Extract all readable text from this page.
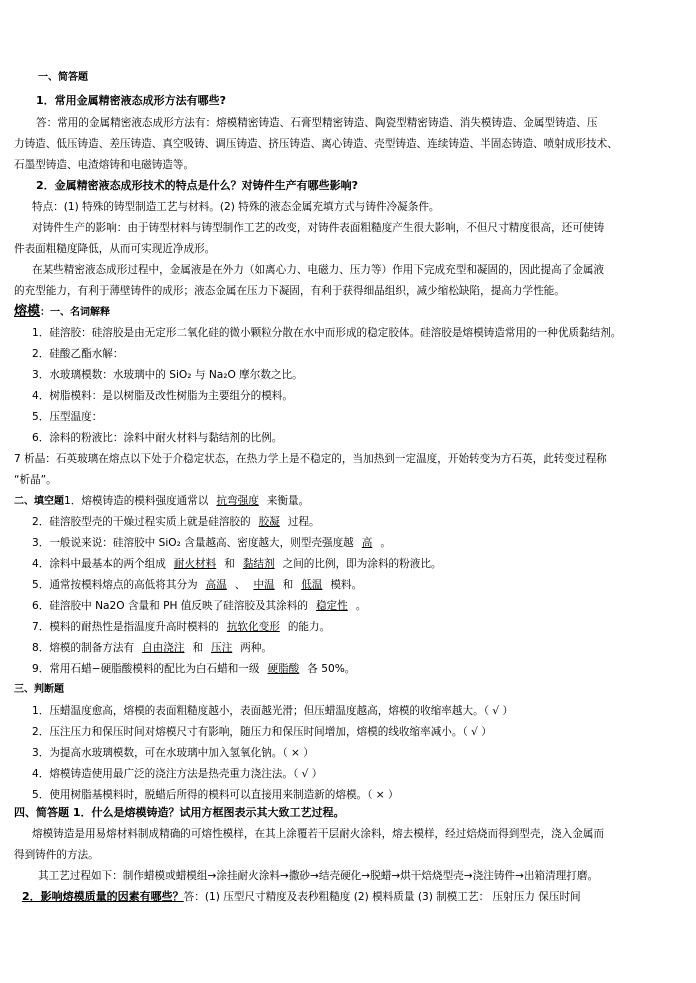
一、简答题
1．常用金属精密液态成形方法有哪些?
答：常用的金属精密液态成形方法有：熔模精密铸造、石膏型精密铸造、陶瓷型精密铸造、消失模铸造、金属型铸造、压
力铸造、低压铸造、差压铸造、真空吸铸、调压铸造、挤压铸造、离心铸造、壳型铸造、连续铸造、半固态铸造、喷射成形技术、
石墨型铸造、电渣熔铸和电磁铸造等。
2．金属精密液态成形技术的特点是什么？对铸件生产有哪些影响?
特点：(1) 特殊的铸型制造工艺与材料。(2) 特殊的液态金属充填方式与铸件冷凝条件。
对铸件生产的影响：由于铸型材料与铸型制作工艺的改变，对铸件表面粗糙度产生很大影响，不但尺寸精度很高，还可使铸
件表面粗糙度降低，从而可实现近净成形。
在某些精密液态成形过程中，金属液是在外力（如离心力、电磁力、压力等）作用下完成充型和凝固的，因此提高了金属液
的充型能力，有利于薄壁铸件的成形；液态金属在压力下凝固，有利于获得细晶组织，减少缩松缺陷，提高力学性能。
熔模：一、名词解释
1．硅溶胶：硅溶胶是由无定形二氧化硅的微小颗粒分散在水中而形成的稳定胶体。硅溶胶是熔模铸造常用的一种优质黏结剂。
2．硅酸乙酯水解：
3．水玻璃模数：水玻璃中的 SiO₂ 与 Na₂O 摩尔数之比。
4．树脂模料：是以树脂及改性树脂为主要组分的模料。
5．压型温度：
6．涂料的粉液比：涂料中耐火材料与黏结剂的比例。
7 析晶：石英玻璃在熔点以下处于介稳定状态，在热力学上是不稳定的，当加热到一定温度，开始转变为方石英，此转变过程称
“析晶”。
二、填空题1．熔模铸造的模料强度通常以 抗弯强度 来衡量。
2．硅溶胶型壳的干燥过程实质上就是硅溶胶的 胶凝 过程。
3．一般说来说：硅溶胶中 SiO₂ 含量越高、密度越大，则型壳强度越 高 。
4．涂料中最基本的两个组成 耐火材料 和 黏结剂 之间的比例，即为涂料的粉液比。
5．通常按模料熔点的高低将其分为 高温 、 中温 和 低温 模料。
6．硅溶胶中 Na2O 含量和 PH 值反映了硅溶胶及其涂料的 稳定性 。
7．模料的耐热性是指温度升高时模料的 抗软化变形 的能力。
8．熔模的制备方法有 自由浇注 和 压注 两种。
9．常用石蜡−硬脂酸模料的配比为白石蜡和一级 硬脂酸 各 50%。
三、判断题
1．压蜡温度愈高，熔模的表面粗糙度越小，表面越光滑；但压蜡温度越高，熔模的收缩率越大。（ √ ）
2．压注压力和保压时间对熔模尺寸有影响，随压力和保压时间增加，熔模的线收缩率减小。（ √ ）
3．为提高水玻璃模数，可在水玻璃中加入氢氧化钠。（ × ）
4．熔模铸造使用最广泛的浇注方法是热壳重力浇注法。（ √ ）
5．使用树脂基模料时，脱蜡后所得的模料可以直接用来制造新的熔模。（ × ）
四、简答题 1．什么是熔模铸造？试用方框图表示其大致工艺过程。
熔模铸造是用易熔材料制成精确的可熔性模样，在其上涂覆若干层耐火涂料，熔去模样，经过焙烧而得到型壳，浇入金属而
得到铸件的方法。
其工艺过程如下：制作蜡模或蜡模组→涂挂耐火涂料→撒砂→结壳硬化→脱蜡→烘干焙烧型壳→浇注铸件→出箱清理打磨。
2．影响熔模质量的因素有哪些？答：(1) 压型尺寸精度及表秒粗糙度 (2) 模料质量 (3) 制模工艺： 压射压力 保压时间
